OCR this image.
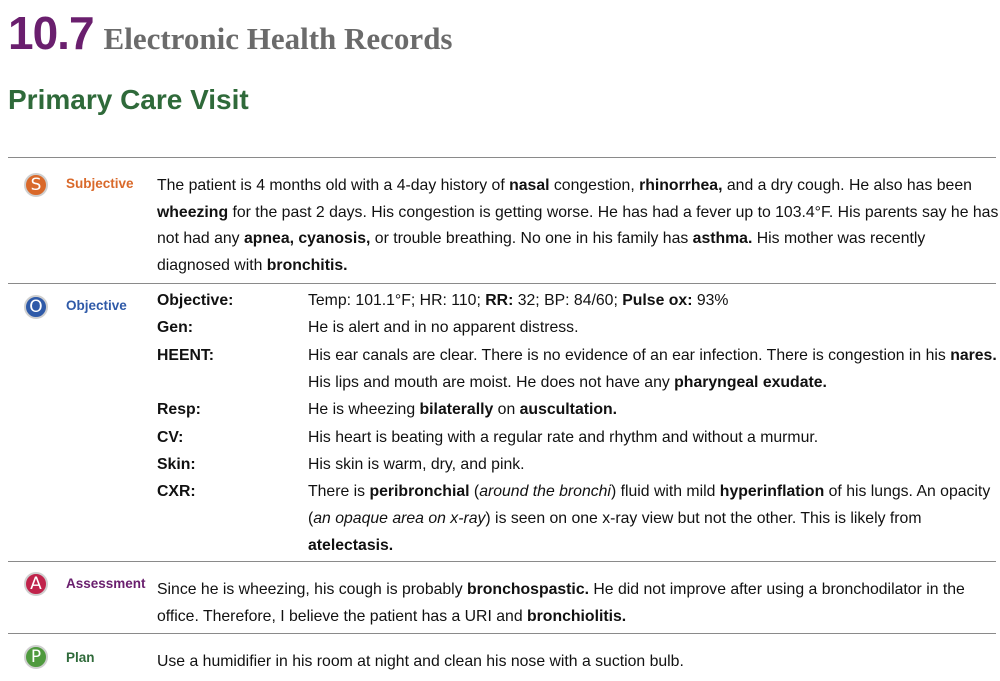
10.7 Electronic Health Records
Primary Care Visit
S Subjective The patient is 4 months old with a 4-day history of nasal congestion, rhinorrhea, and a dry cough. He also has been wheezing for the past 2 days. His congestion is getting worse. He has had a fever up to 103.4°F. His parents say he has not had any apnea, cyanosis, or trouble breathing. No one in his family has asthma. His mother was recently diagnosed with bronchitis.

O Objective Objective:	Temp: 101.1°F; HR: 110; RR: 32; BP: 84/60; Pulse ox: 93%
Gen:	He is alert and in no apparent distress.
HEENT:	His ear canals are clear. There is no evidence of an ear infection. There is congestion in his nares. His lips and mouth are moist. He does not have any pharyngeal exudate.
Resp:	He is wheezing bilaterally on auscultation.
CV:	His heart is beating with a regular rate and rhythm and without a murmur.
Skin:	His skin is warm, dry, and pink.
CXR:	There is peribronchial (around the bronchi) fluid with mild hyperinflation of his lungs. An opacity (an opaque area on x-ray) is seen on one x-ray view but not the other. This is likely from atelectasis.
A Assessment Since he is wheezing, his cough is probably bronchospastic. He did not improve after using a bronchodilator in the office. Therefore, I believe the patient has a URI and bronchiolitis.

P Plan	Use a humidifier in his room at night and clean his nose with a suction bulb.
